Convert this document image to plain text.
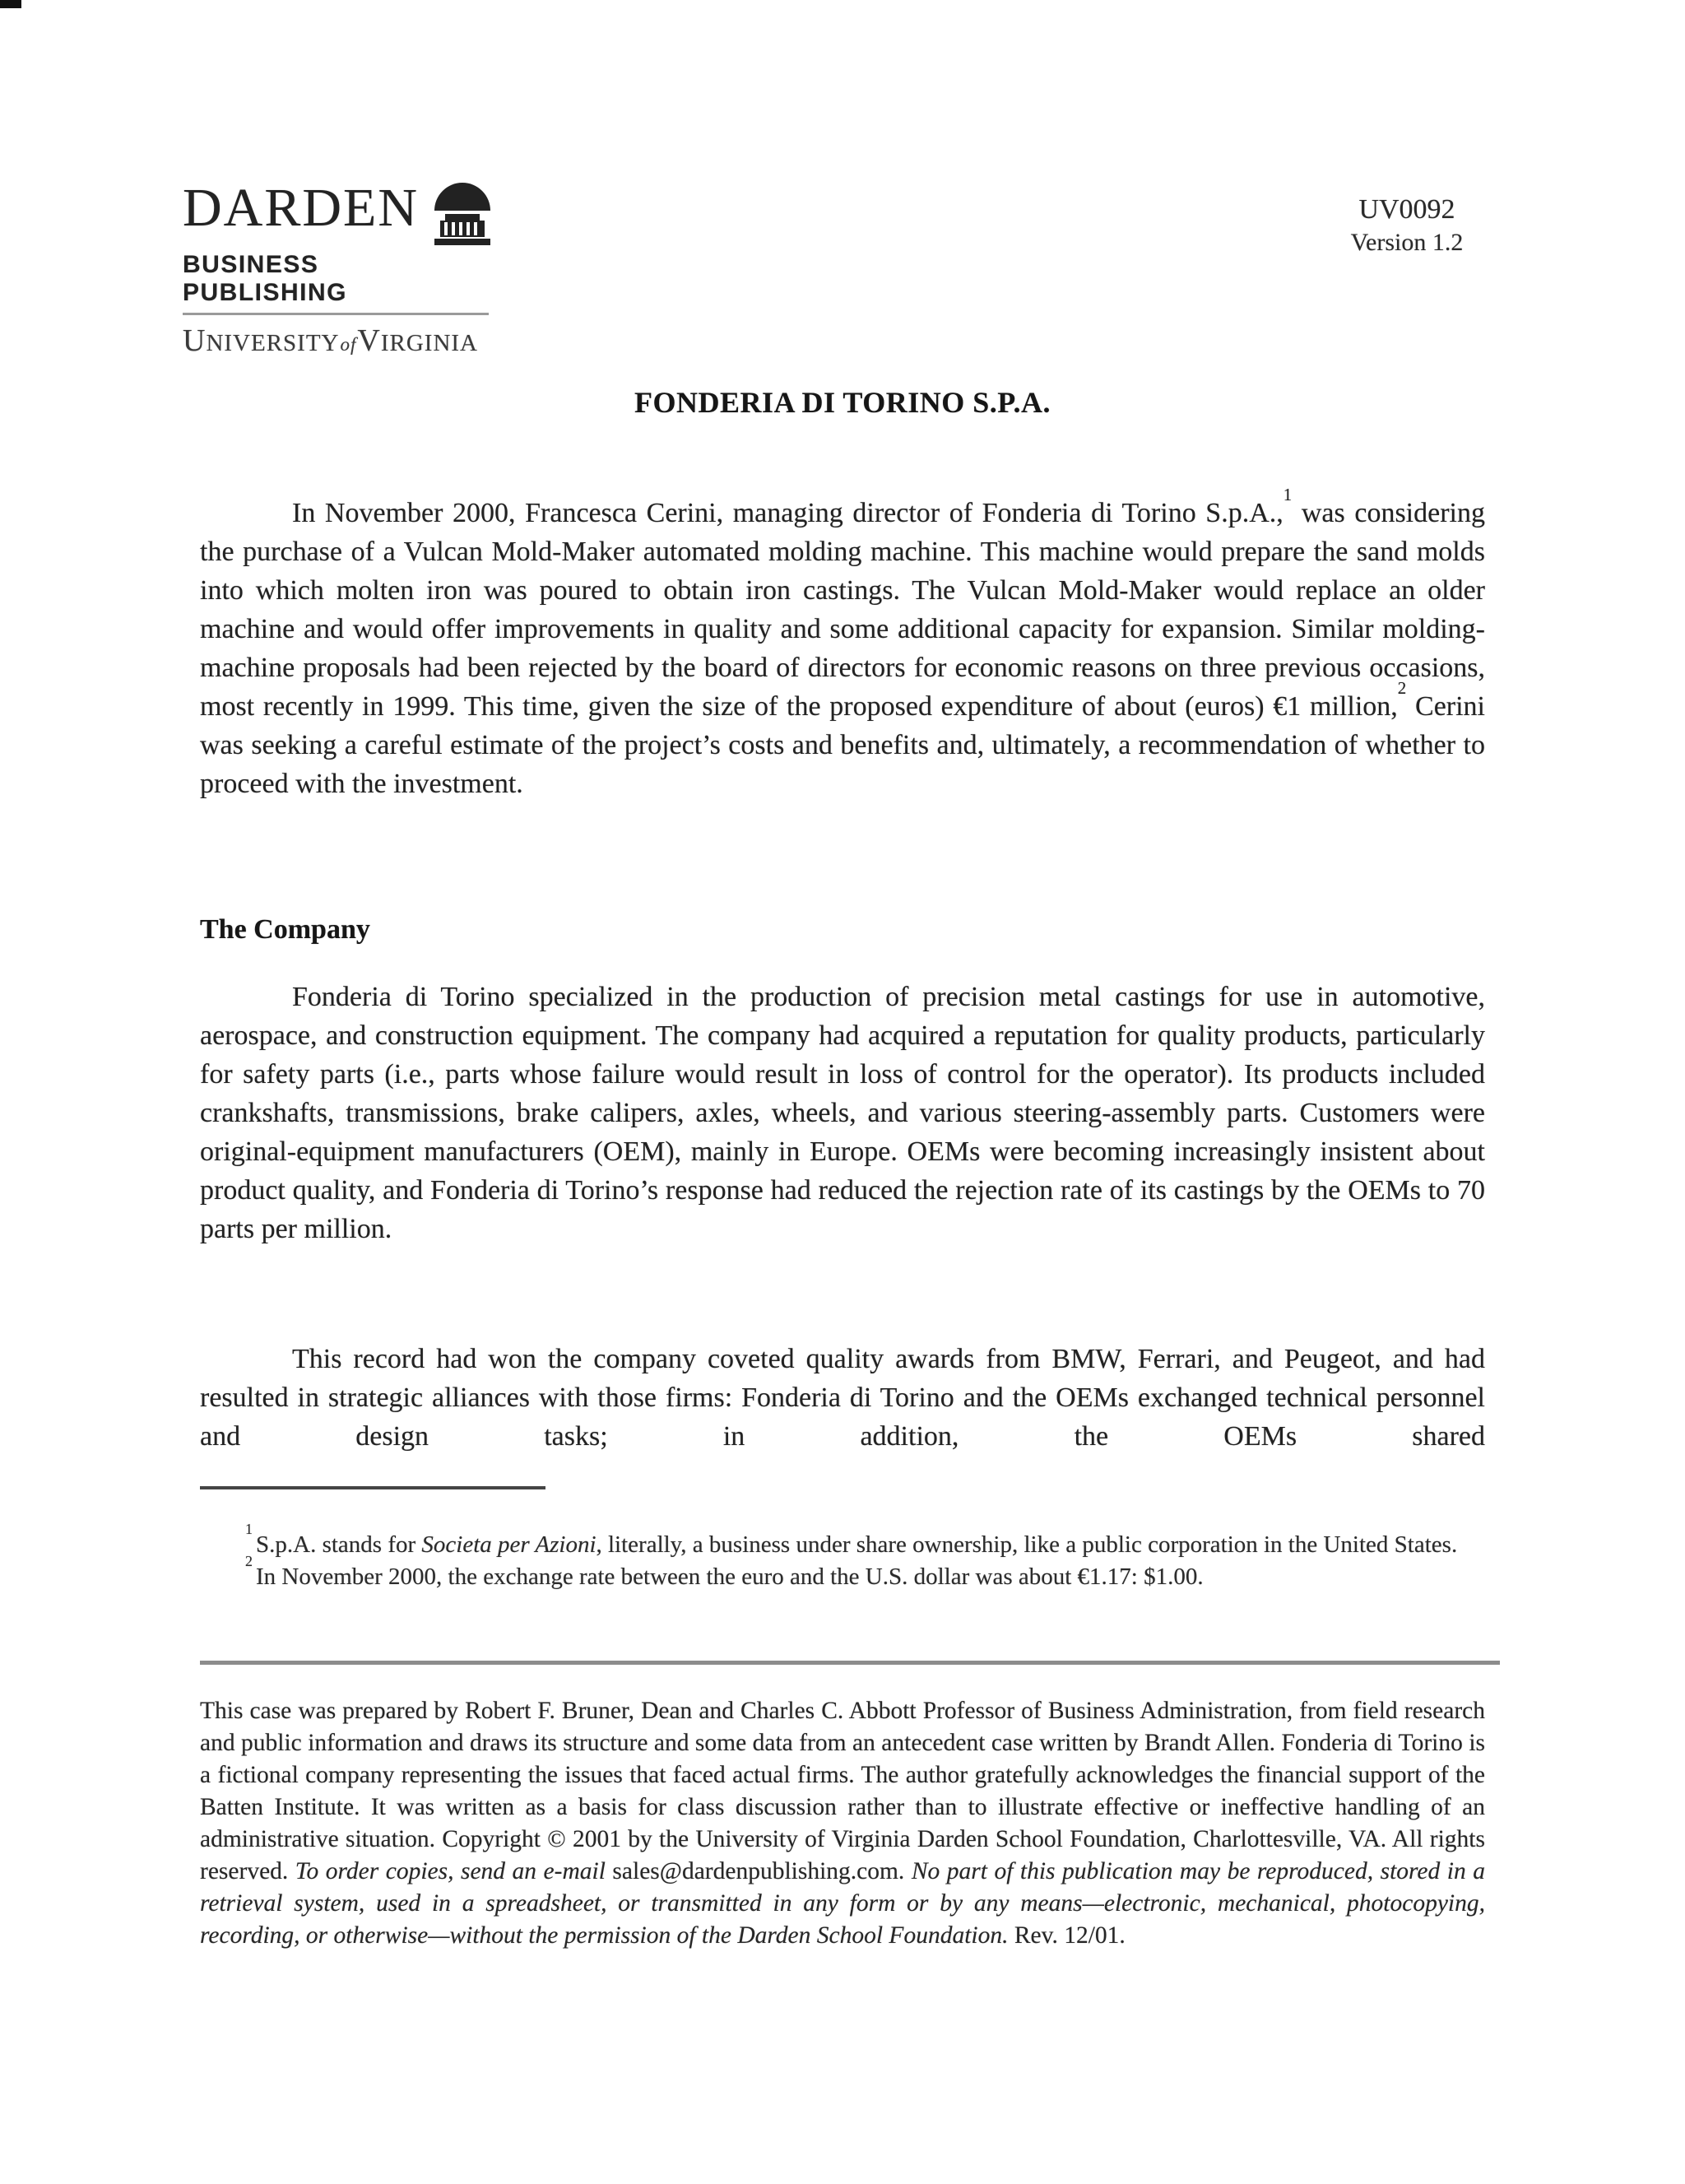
DARDEN
BUSINESS PUBLISHING
UNIVERSITYofVIRGINIA
UV0092
Version 1.2
FONDERIA DI TORINO S.P.A.
In November 2000, Francesca Cerini, managing director of Fonderia di Torino S.p.A.,$^1$ was considering the purchase of a Vulcan Mold-Maker automated molding machine. This machine would prepare the sand molds into which molten iron was poured to obtain iron castings. The Vulcan Mold-Maker would replace an older machine and would offer improvements in quality and some additional capacity for expansion. Similar molding-machine proposals had been rejected by the board of directors for economic reasons on three previous occasions, most recently in 1999. This time, given the size of the proposed expenditure of about (euros) €1 million,$^2$ Cerini was seeking a careful estimate of the project’s costs and benefits and, ultimately, a recommendation of whether to proceed with the investment.
The Company
Fonderia di Torino specialized in the production of precision metal castings for use in automotive, aerospace, and construction equipment. The company had acquired a reputation for quality products, particularly for safety parts (i.e., parts whose failure would result in loss of control for the operator). Its products included crankshafts, transmissions, brake calipers, axles, wheels, and various steering-assembly parts. Customers were original-equipment manufacturers (OEM), mainly in Europe. OEMs were becoming increasingly insistent about product quality, and Fonderia di Torino’s response had reduced the rejection rate of its castings by the OEMs to 70 parts per million.
This record had won the company coveted quality awards from BMW, Ferrari, and Peugeot, and had resulted in strategic alliances with those firms: Fonderia di Torino and the OEMs exchanged technical personnel and design tasks; in addition, the OEMs shared

$^1$S.p.A. stands for Societa per Azioni, literally, a business under share ownership, like a public corporation in the United States.

$^2$In November 2000, the exchange rate between the euro and the U.S. dollar was about €1.17: $1.00.

This case was prepared by Robert F. Bruner, Dean and Charles C. Abbott Professor of Business Administration, from field research and public information and draws its structure and some data from an antecedent case written by Brandt Allen. Fonderia di Torino is a fictional company representing the issues that faced actual firms. The author gratefully acknowledges the financial support of the Batten Institute. It was written as a basis for class discussion rather than to illustrate effective or ineffective handling of an administrative situation. Copyright © 2001 by the University of Virginia Darden School Foundation, Charlottesville, VA. All rights reserved. To order copies, send an e-mail sales@dardenpublishing.com. No part of this publication may be reproduced, stored in a retrieval system, used in a spreadsheet, or transmitted in any form or by any means—electronic, mechanical, photocopying, recording, or otherwise—without the permission of the Darden School Foundation. Rev. 12/01.
